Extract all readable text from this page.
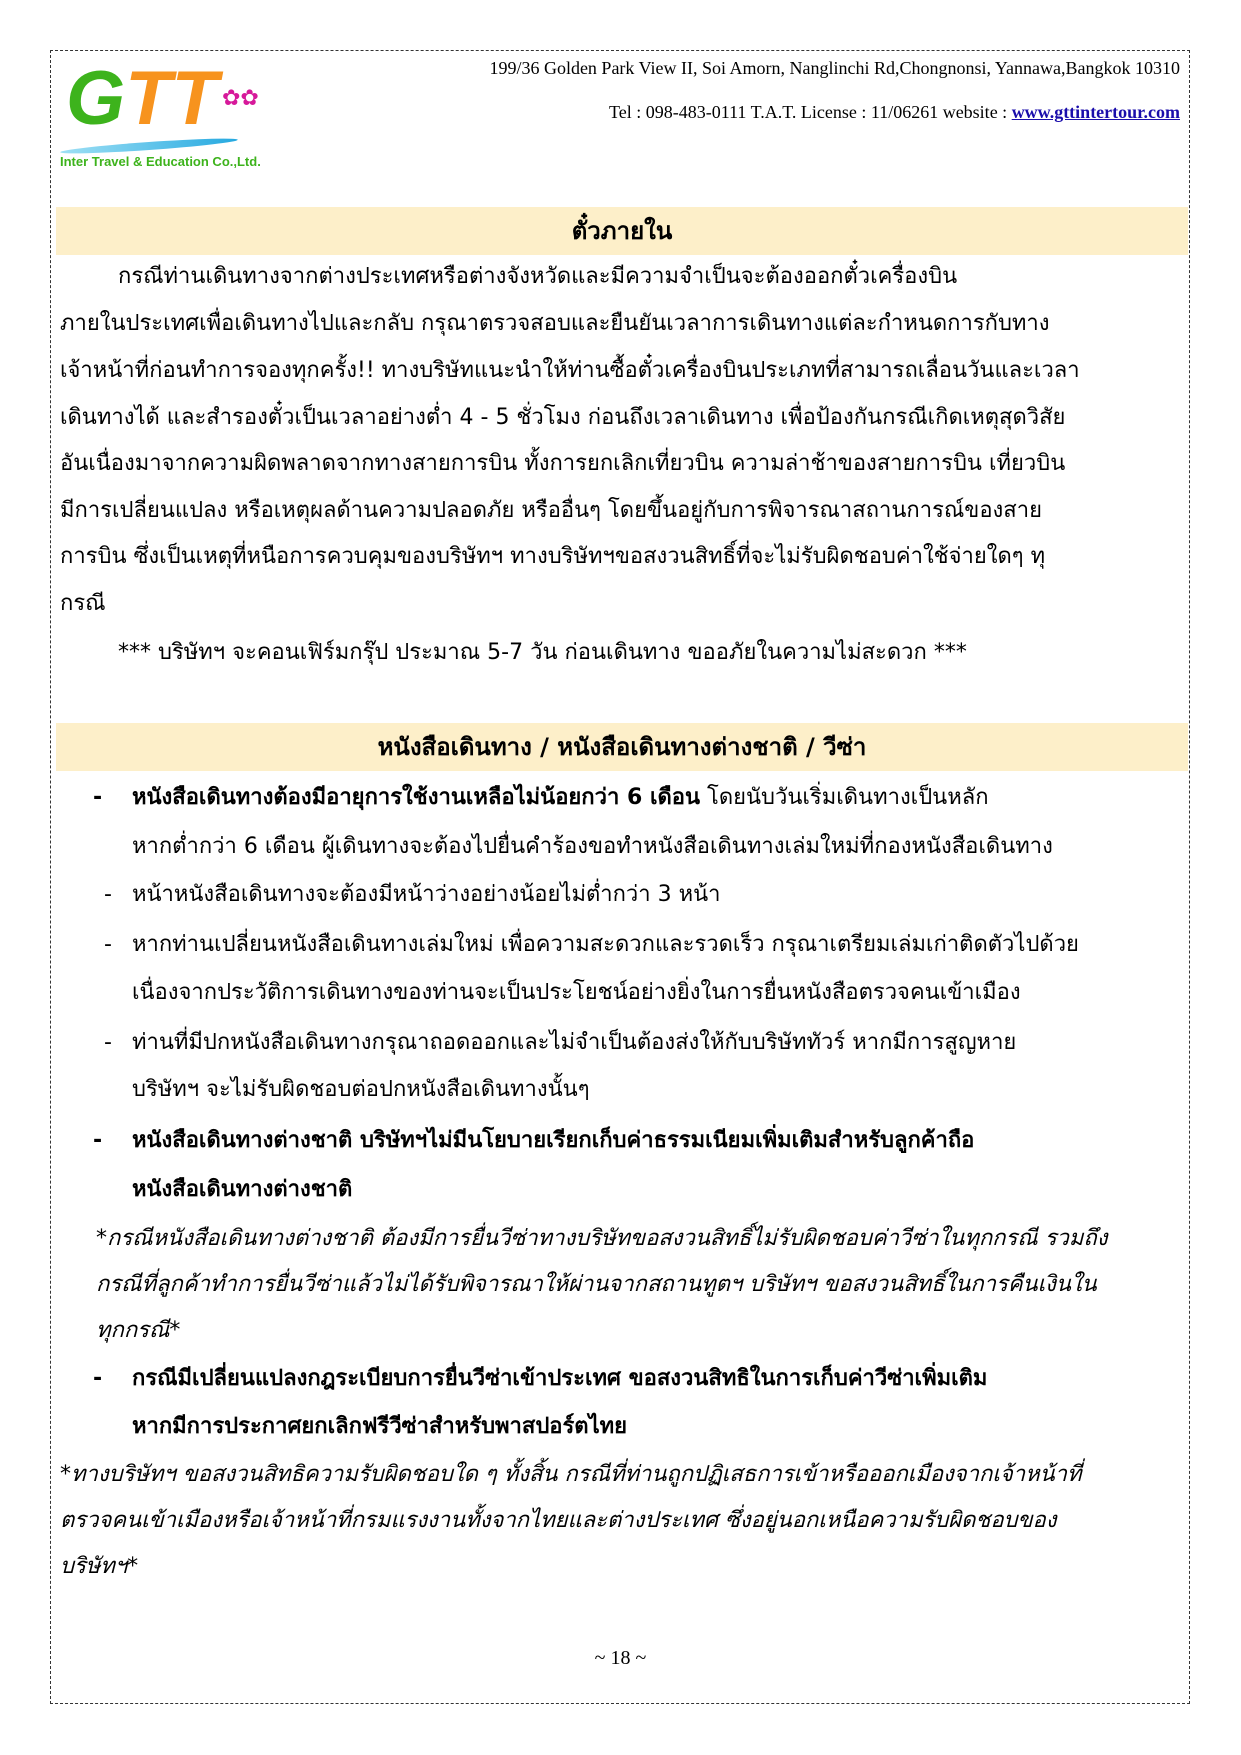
G TT ✿✿
Inter Travel & Education Co.,Ltd.
199/36 Golden Park View II, Soi Amorn, Nanglinchi Rd,Chongnonsi, Yannawa,Bangkok 10310
Tel : 098-483-0111 T.A.T. License : 11/06261 website : www.gttintertour.com
ตั๋วภายใน
กรณีท่านเดินทางจากต่างประเทศหรือต่างจังหวัดและมีความจำเป็นจะต้องออกตั๋วเครื่องบิน
ภายในประเทศเพื่อเดินทางไปและกลับ กรุณาตรวจสอบและยืนยันเวลาการเดินทางแต่ละกำหนดการกับทาง
เจ้าหน้าที่ก่อนทำการจองทุกครั้ง!! ทางบริษัทแนะนำให้ท่านซื้อตั๋วเครื่องบินประเภทที่สามารถเลื่อนวันและเวลา
เดินทางได้ และสำรองตั๋วเป็นเวลาอย่างต่ำ 4 - 5 ชั่วโมง ก่อนถึงเวลาเดินทาง เพื่อป้องกันกรณีเกิดเหตุสุดวิสัย
อันเนื่องมาจากความผิดพลาดจากทางสายการบิน ทั้งการยกเลิกเที่ยวบิน ความล่าช้าของสายการบิน เที่ยวบิน
มีการเปลี่ยนแปลง หรือเหตุผลด้านความปลอดภัย หรืออื่นๆ โดยขึ้นอยู่กับการพิจารณาสถานการณ์ของสาย
การบิน ซึ่งเป็นเหตุที่หนือการควบคุมของบริษัทฯ ทางบริษัทฯขอสงวนสิทธิ์ที่จะไม่รับผิดชอบค่าใช้จ่ายใดๆ ทุ
กรณี
*** บริษัทฯ จะคอนเฟิร์มกรุ๊ป ประมาณ 5-7 วัน ก่อนเดินทาง ขออภัยในความไม่สะดวก ***
หนังสือเดินทาง / หนังสือเดินทางต่างชาติ / วีซ่า
- หนังสือเดินทางต้องมีอายุการใช้งานเหลือไม่น้อยกว่า 6 เดือน โดยนับวันเริ่มเดินทางเป็นหลัก
หากต่ำกว่า 6 เดือน ผู้เดินทางจะต้องไปยื่นคำร้องขอทำหนังสือเดินทางเล่มใหม่ที่กองหนังสือเดินทาง
- หน้าหนังสือเดินทางจะต้องมีหน้าว่างอย่างน้อยไม่ต่ำกว่า 3 หน้า
- หากท่านเปลี่ยนหนังสือเดินทางเล่มใหม่ เพื่อความสะดวกและรวดเร็ว กรุณาเตรียมเล่มเก่าติดตัวไปด้วย
เนื่องจากประวัติการเดินทางของท่านจะเป็นประโยชน์อย่างยิ่งในการยื่นหนังสือตรวจคนเข้าเมือง
- ท่านที่มีปกหนังสือเดินทางกรุณาถอดออกและไม่จำเป็นต้องส่งให้กับบริษัททัวร์ หากมีการสูญหาย
บริษัทฯ จะไม่รับผิดชอบต่อปกหนังสือเดินทางนั้นๆ
- หนังสือเดินทางต่างชาติ บริษัทฯไม่มีนโยบายเรียกเก็บค่าธรรมเนียมเพิ่มเติมสำหรับลูกค้าถือ
หนังสือเดินทางต่างชาติ
*กรณีหนังสือเดินทางต่างชาติ ต้องมีการยื่นวีซ่าทางบริษัทขอสงวนสิทธิ์ไม่รับผิดชอบค่าวีซ่าในทุกกรณี รวมถึง
กรณีที่ลูกค้าทำการยื่นวีซ่าแล้วไม่ได้รับพิจารณาให้ผ่านจากสถานทูตฯ บริษัทฯ ขอสงวนสิทธิ์ในการคืนเงินใน
ทุกกรณี*
- กรณีมีเปลี่ยนแปลงกฎระเบียบการยื่นวีซ่าเข้าประเทศ ขอสงวนสิทธิในการเก็บค่าวีซ่าเพิ่มเติม
หากมีการประกาศยกเลิกฟรีวีซ่าสำหรับพาสปอร์ตไทย
*ทางบริษัทฯ ขอสงวนสิทธิความรับผิดชอบใด ๆ ทั้งสิ้น กรณีที่ท่านถูกปฏิเสธการเข้าหรือออกเมืองจากเจ้าหน้าที่
ตรวจคนเข้าเมืองหรือเจ้าหน้าที่กรมแรงงานทั้งจากไทยและต่างประเทศ ซึ่งอยู่นอกเหนือความรับผิดชอบของ
บริษัทฯ*
~ 18 ~
